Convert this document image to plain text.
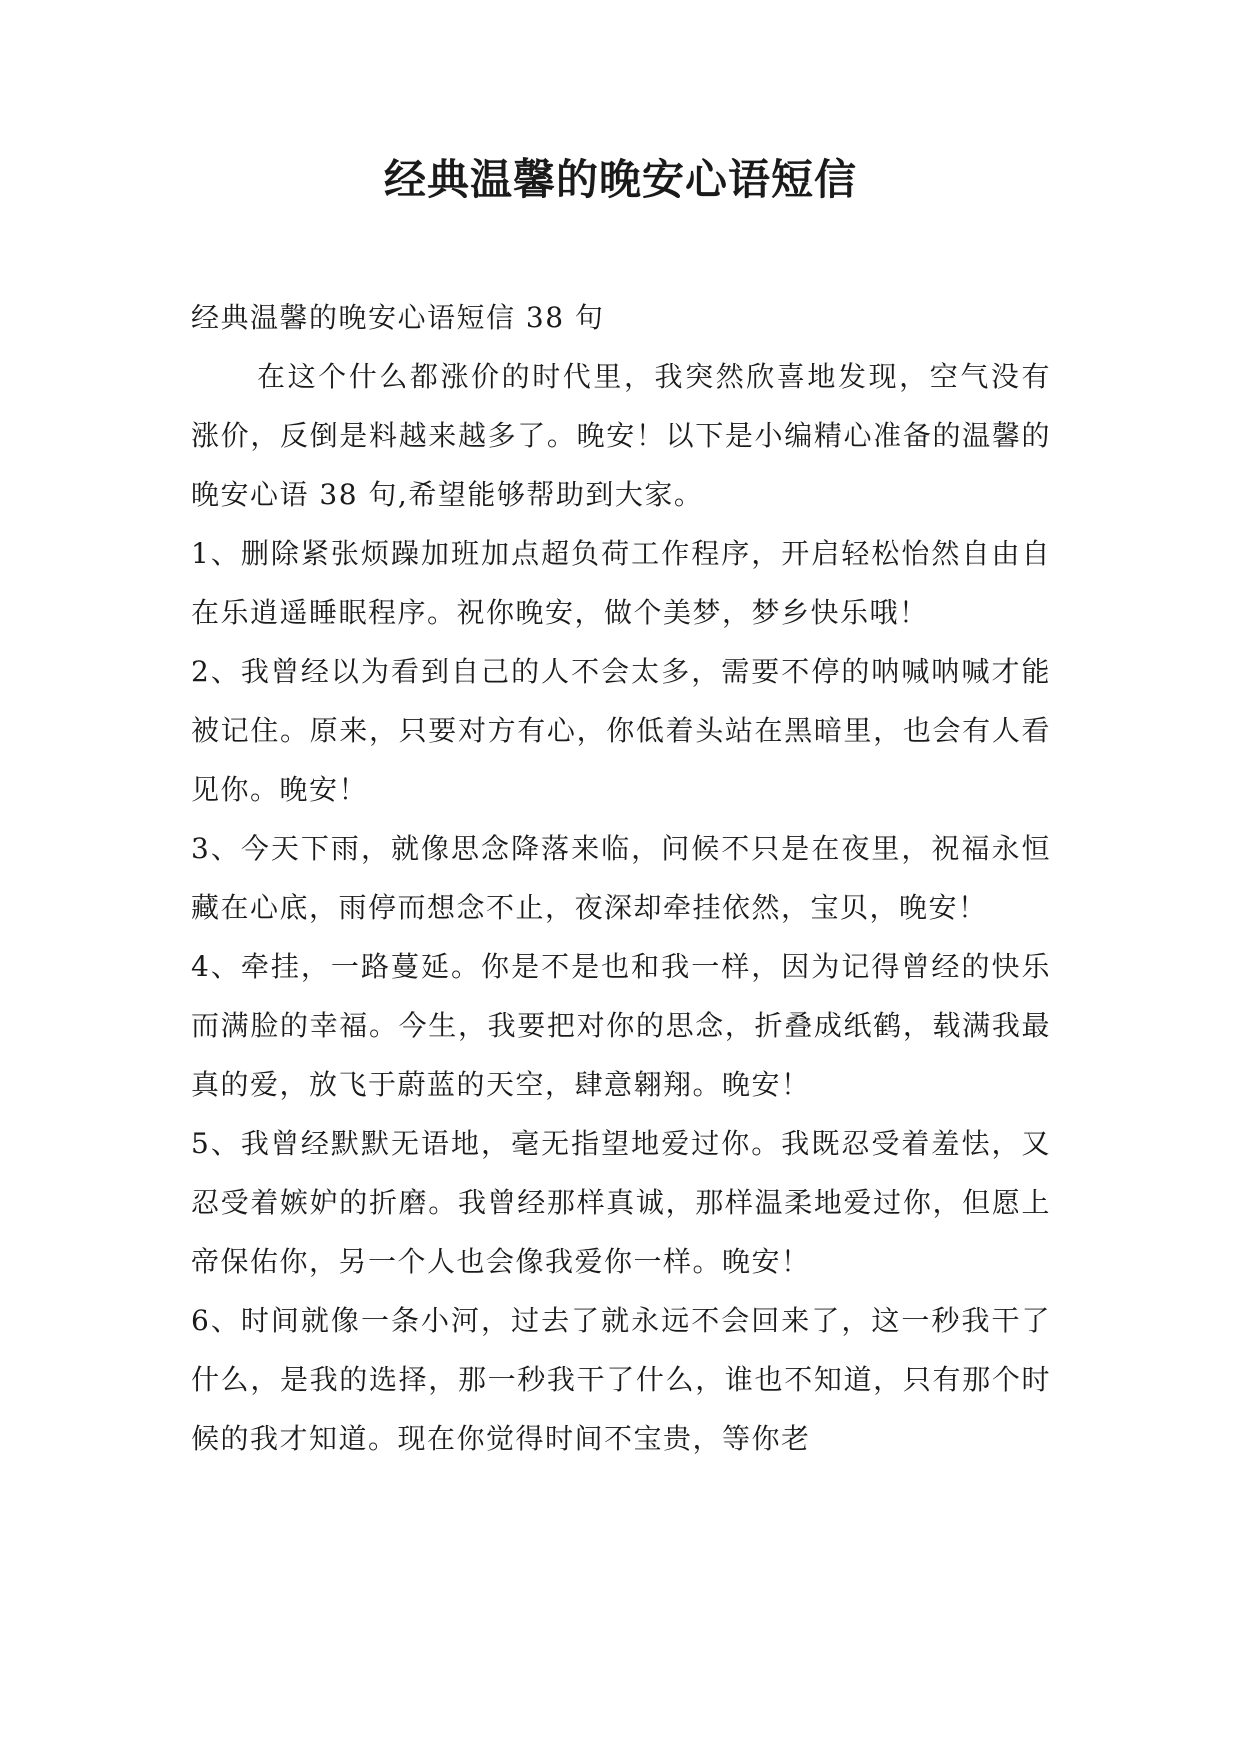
经典温馨的晚安心语短信

经典温馨的晚安心语短信 38 句

在这个什么都涨价的时代里，我突然欣喜地发现，空气没有涨价，反倒是料越来越多了。晚安！以下是小编精心准备的温馨的晚安心语 38 句,希望能够帮助到大家。

1、删除紧张烦躁加班加点超负荷工作程序，开启轻松怡然自由自在乐逍遥睡眠程序。祝你晚安，做个美梦，梦乡快乐哦！

2、我曾经以为看到自己的人不会太多，需要不停的呐喊呐喊才能被记住。原来，只要对方有心，你低着头站在黑暗里，也会有人看见你。晚安！

3、今天下雨，就像思念降落来临，问候不只是在夜里，祝福永恒藏在心底，雨停而想念不止，夜深却牵挂依然，宝贝，晚安！

4、牵挂，一路蔓延。你是不是也和我一样，因为记得曾经的快乐而满脸的幸福。今生，我要把对你的思念，折叠成纸鹤，载满我最真的爱，放飞于蔚蓝的天空，肆意翱翔。晚安！

5、我曾经默默无语地，毫无指望地爱过你。我既忍受着羞怯，又忍受着嫉妒的折磨。我曾经那样真诚，那样温柔地爱过你，但愿上帝保佑你，另一个人也会像我爱你一样。晚安！

6、时间就像一条小河，过去了就永远不会回来了，这一秒我干了什么，是我的选择，那一秒我干了什么，谁也不知道，只有那个时候的我才知道。现在你觉得时间不宝贵，等你老
